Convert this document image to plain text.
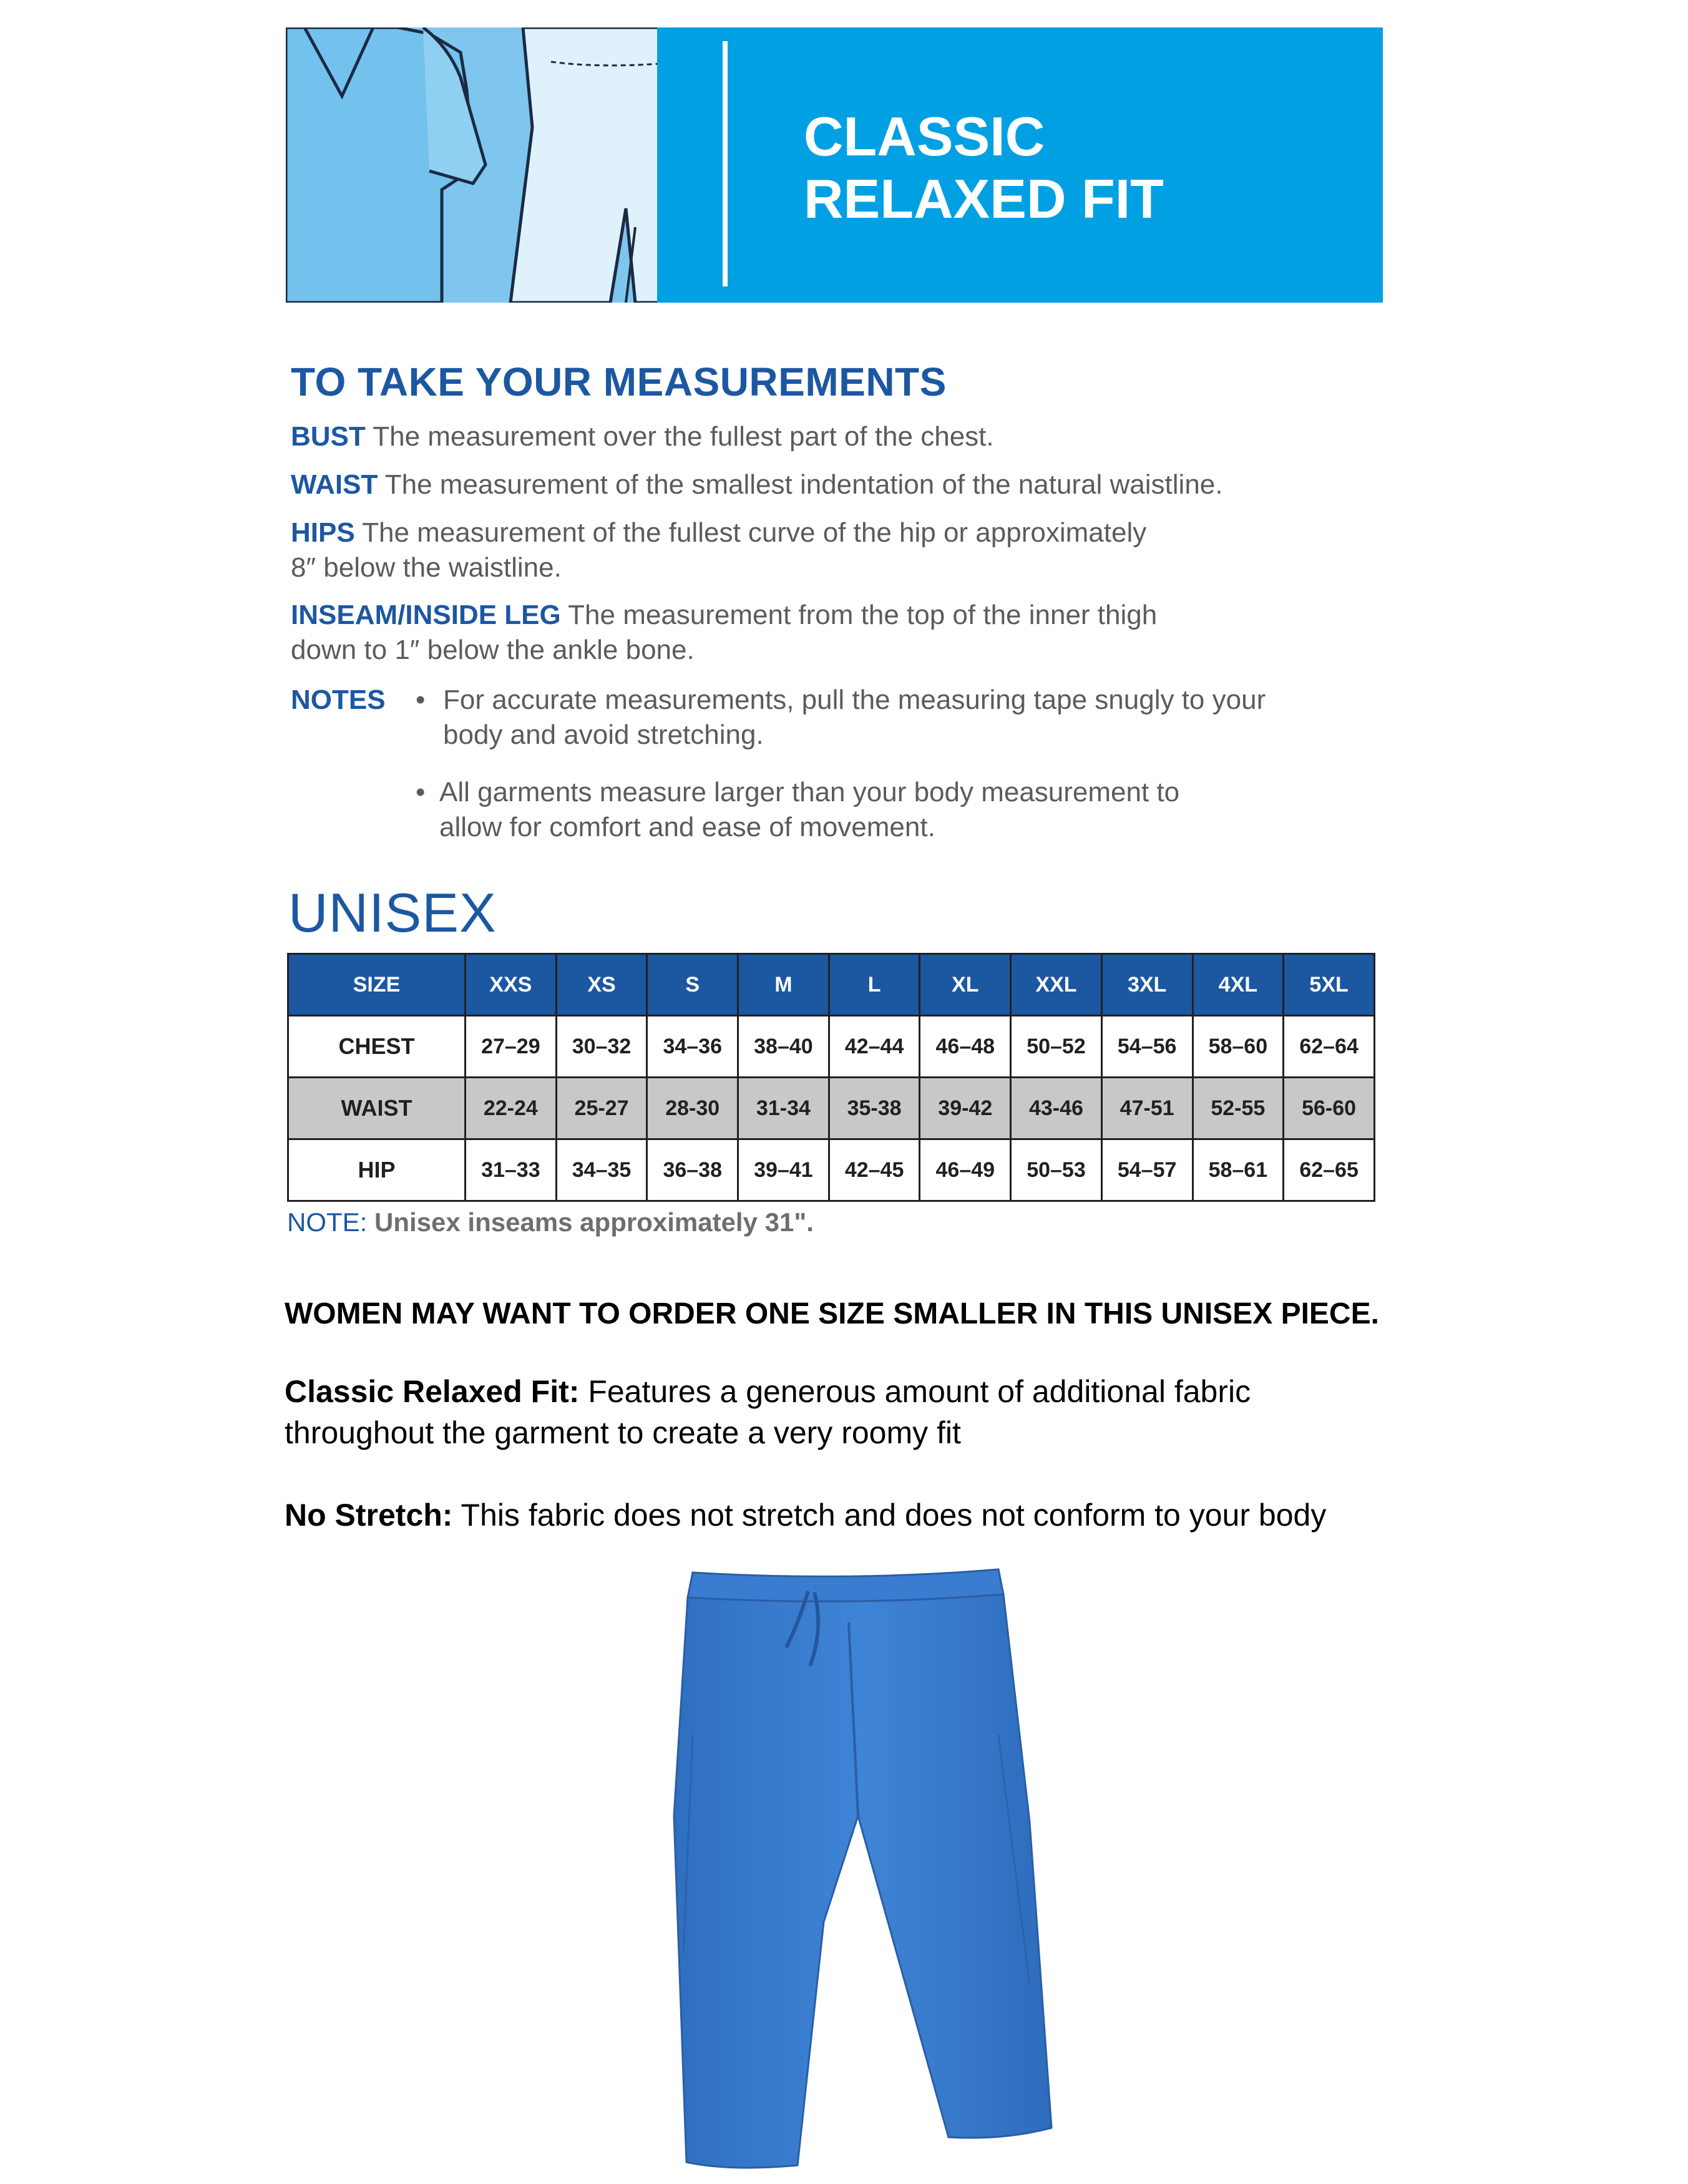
CLASSIC
RELAXED FIT
TO TAKE YOUR MEASUREMENTS
BUST The measurement over the fullest part of the chest.
WAIST The measurement of the smallest indentation of the natural waistline.
HIPS The measurement of the fullest curve of the hip or approximately
8″ below the waistline.
INSEAM/INSIDE LEG The measurement from the top of the inner thigh
down to 1″ below the ankle bone.
NOTES • For accurate measurements, pull the measuring tape snugly to your
body and avoid stretching.
• All garments measure larger than your body measurement to
allow for comfort and ease of movement.
UNISEX
SIZE	XXS	XS	S	M	L	XL	XXL	3XL	4XL	5XL
CHEST	27–29	30–32	34–36	38–40	42–44	46–48	50–52	54–56	58–60	62–64
WAIST	22-24	25-27	28-30	31-34	35-38	39-42	43-46	47-51	52-55	56-60
HIP	31–33	34–35	36–38	39–41	42–45	46–49	50–53	54–57	58–61	62–65
NOTE: Unisex inseams approximately 31".
WOMEN MAY WANT TO ORDER ONE SIZE SMALLER IN THIS UNISEX PIECE.
Classic Relaxed Fit: Features a generous amount of additional fabric
throughout the garment to create a very roomy fit
No Stretch: This fabric does not stretch and does not conform to your body
